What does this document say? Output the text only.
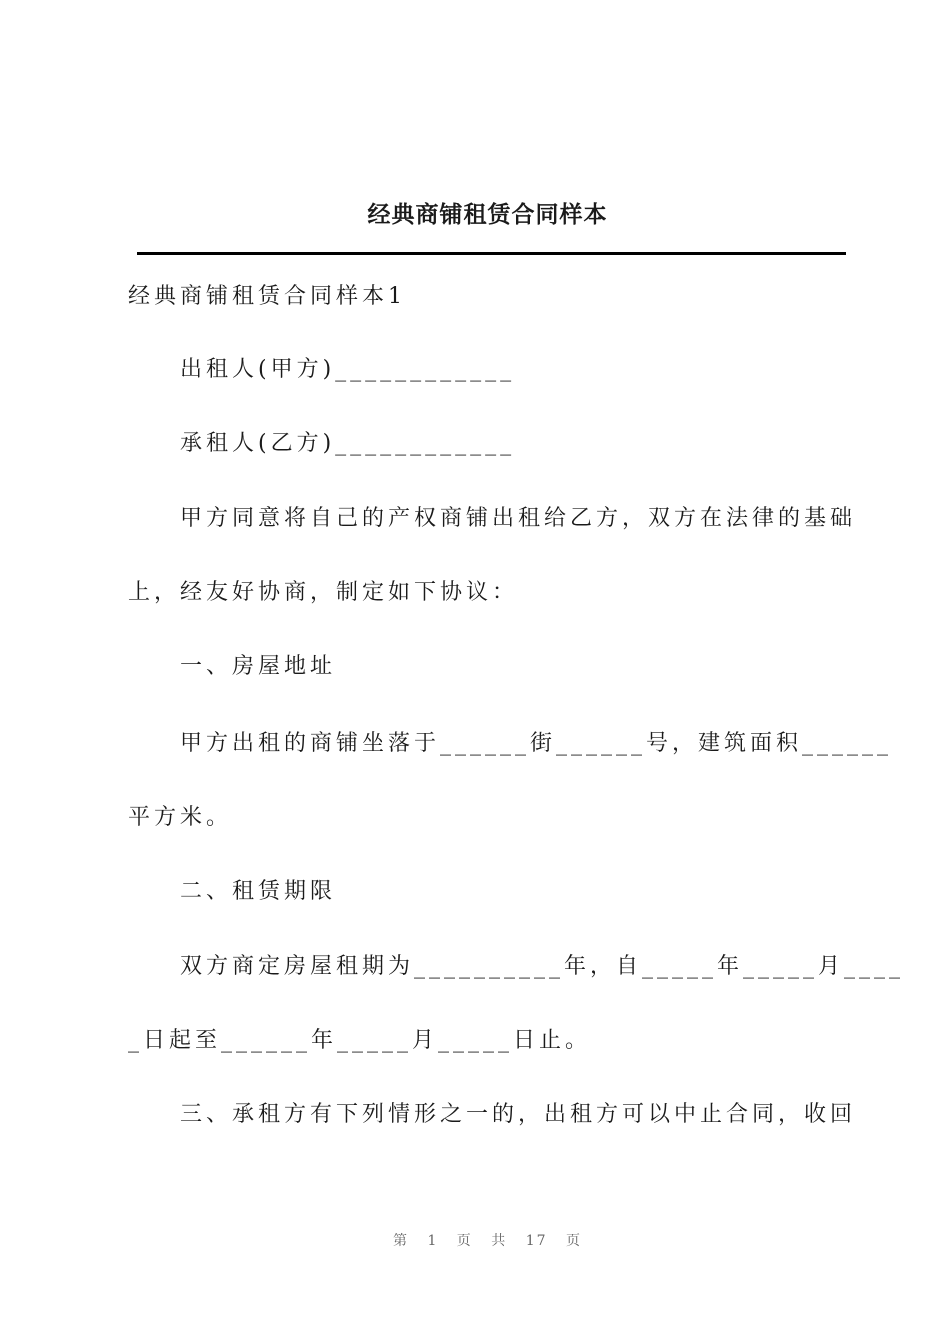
经典商铺租赁合同样本
经典商铺租赁合同样本1
出租人(甲方)____________
承租人(乙方)____________
甲方同意将自己的产权商铺出租给乙方，双方在法律的基础
上，经友好协商，制定如下协议：
一、房屋地址
甲方出租的商铺坐落于______街______号，建筑面积______
平方米。
二、租赁期限
双方商定房屋租期为__________年，自_____年_____月____
_日起至______年_____月_____日止。
三、承租方有下列情形之一的，出租方可以中止合同，收回
第 1 页 共 17 页
